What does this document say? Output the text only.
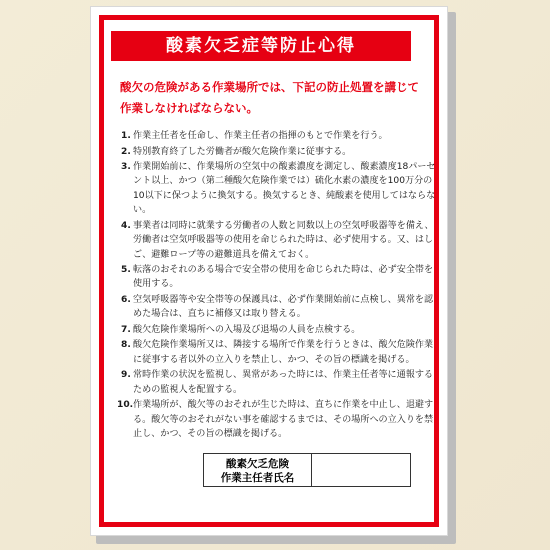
酸素欠乏症等防止心得
酸欠の危険がある作業場所では、下記の防止処置を講じて作業しなければならない。
1. 作業主任者を任命し、作業主任者の指揮のもとで作業を行う。
2. 特別教育終了した労働者が酸欠危険作業に従事する。
3. 作業開始前に、作業場所の空気中の酸素濃度を測定し、酸素濃度18パーセント以上、かつ（第二種酸欠危険作業では）硫化水素の濃度を100万分の10以下に保つように換気する。換気するとき、純酸素を使用してはならない。
4. 事業者は同時に就業する労働者の人数と同数以上の空気呼吸器等を備え、労働者は空気呼吸器等の使用を命じられた時は、必ず使用する。又、はしご、避難ロープ等の避難道具を備えておく。
5. 転落のおそれのある場合で安全帯の使用を命じられた時は、必ず安全帯を使用する。
6. 空気呼吸器等や安全帯等の保護具は、必ず作業開始前に点検し、異常を認めた場合は、直ちに補修又は取り替える。
7. 酸欠危険作業場所への入場及び退場の人員を点検する。
8. 酸欠危険作業場所又は、隣接する場所で作業を行うときは、酸欠危険作業に従事する者以外の立入りを禁止し、かつ、その旨の標識を掲げる。
9. 常時作業の状況を監視し、異常があった時には、作業主任者等に通報するための監視人を配置する。
10. 作業場所が、酸欠等のおそれが生じた時は、直ちに作業を中止し、退避する。酸欠等のおそれがない事を確認するまでは、その場所への立入りを禁止し、かつ、その旨の標識を掲げる。
酸素欠乏危険
作業主任者氏名
